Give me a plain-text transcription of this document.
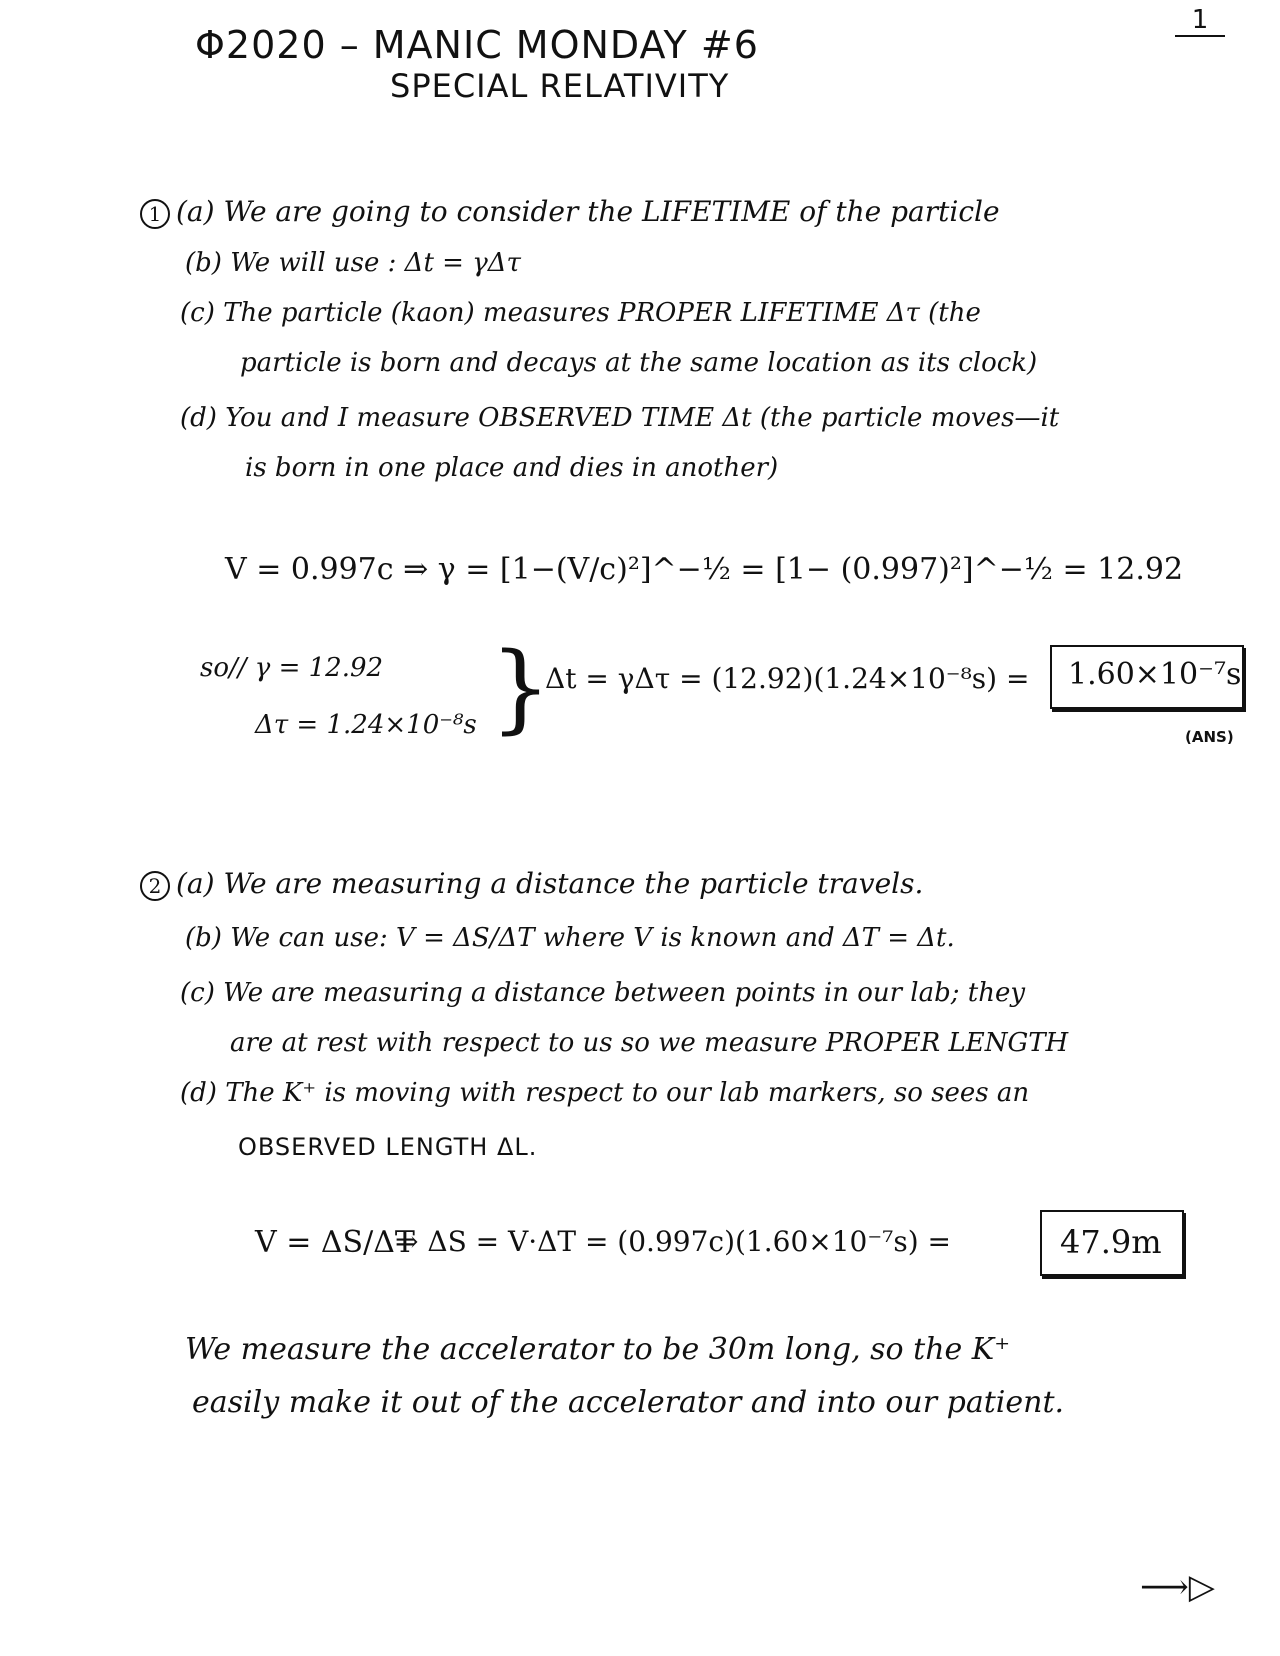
Φ2020 – MANIC MONDAY #6
SPECIAL RELATIVITY
1
1 (a) We are going to consider the LIFETIME of the particle
(b) We will use : Δt = γΔτ
(c) The particle (kaon) measures PROPER LIFETIME Δτ (the
particle is born and decays at the same location as its clock)
(d) You and I measure OBSERVED TIME Δt (the particle moves—it
is born in one place and dies in another)
V = 0.997c ⇒ γ = [1−(V/c)²]^−½ = [1− (0.997)²]^−½ = 12.92
so// γ = 12.92
Δτ = 1.24×10⁻⁸s }
Δt = γΔτ = (12.92)(1.24×10⁻⁸s) = 1.60×10⁻⁷s
(ANS)
2 (a) We are measuring a distance the particle travels.
(b) We can use: V = ΔS/ΔT where V is known and ΔT = Δt.
(c) We are measuring a distance between points in our lab; they
are at rest with respect to us so we measure PROPER LENGTH
(d) The K⁺ is moving with respect to our lab markers, so sees an
OBSERVED LENGTH ΔL.
V = ΔS/ΔT
⇒ ΔS = V·ΔT = (0.997c)(1.60×10⁻⁷s) =	47.9m
We measure the accelerator to be 30m long, so the K⁺
easily make it out of the accelerator and into our patient.
⟶▷
